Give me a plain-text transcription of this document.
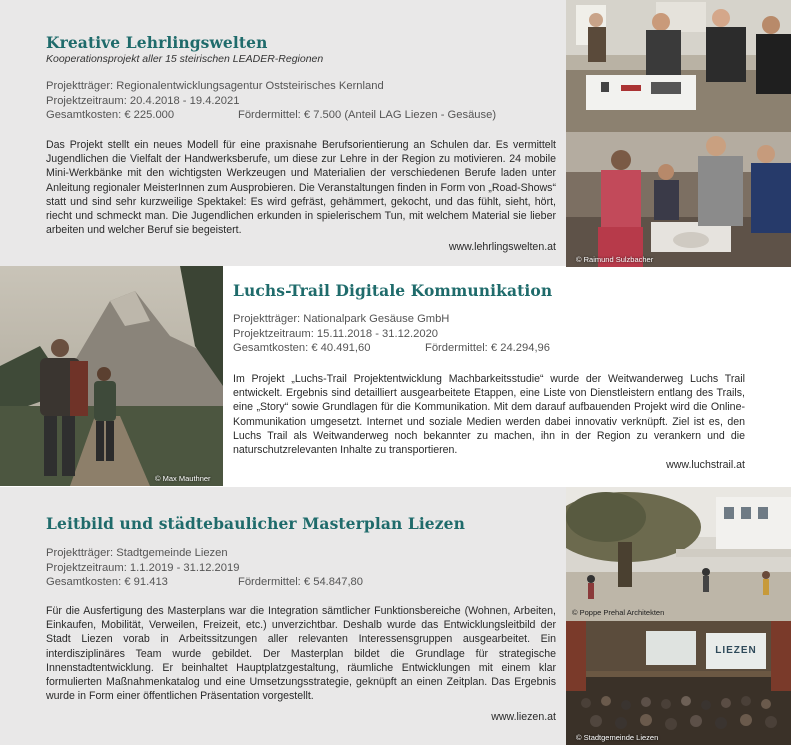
Kreative Lehrlingswelten
Kooperationsprojekt aller 15 steirischen LEADER-Regionen
Projektträger: Regionalentwicklungsagentur Oststeirisches Kernland
Projektzeitraum: 20.4.2018 - 19.4.2021
Gesamtkosten: € 225.000	Fördermittel: € 7.500 (Anteil LAG Liezen - Gesäuse)
Das Projekt stellt ein neues Modell für eine praxisnahe Berufsorientierung an Schulen dar. Es vermittelt Jugendlichen die Vielfalt der Handwerksberufe, um diese zur Lehre in der Region zu motivieren. 24 mobile Mini-Werkbänke mit den wichtigsten Werkzeugen und Materialien der verschiedenen Berufe laden unter Anleitung regionaler MeisterInnen zum Ausprobieren. Die Veranstaltungen finden in Form von „Road-Shows“ statt und sind sehr kurzweilige Spektakel: Es wird gefräst, gehämmert, gekocht, und das fühlt, sieht, hört, riecht und schmeckt man. Die Jugendlichen erkunden in spielerischem Tun, mit welchem Material sie lieber arbeiten und welcher Beruf sie begeistert.
www.lehrlingswelten.at
© Raimund Sulzbacher
© Max Mauthner
Luchs-Trail Digitale Kommunikation
Projektträger: Nationalpark Gesäuse GmbH
Projektzeitraum: 15.11.2018 - 31.12.2020
Gesamtkosten: € 40.491,60	Fördermittel: € 24.294,96
Im Projekt „Luchs-Trail Projektentwicklung Machbarkeitsstudie“ wurde der Weitwanderweg Luchs Trail entwickelt. Ergebnis sind detailliert ausgearbeitete Etappen, eine Liste von Dienstleistern entlang des Trails, eine „Story“ sowie Grundlagen für die Kommunikation. Mit dem darauf aufbauenden Projekt wird die Online-Kommunikation umgesetzt. Internet und soziale Medien werden dabei innovativ verknüpft. Ziel ist es, den Luchs Trail als Weitwanderweg noch bekannter zu machen, ihn in der Region zu verankern und die naturschutzrelevanten Inhalte zu transportieren.
www.luchstrail.at
Leitbild und städtebaulicher Masterplan Liezen
Projektträger: Stadtgemeinde Liezen
Projektzeitraum: 1.1.2019 - 31.12.2019
Gesamtkosten: € 91.413	Fördermittel: € 54.847,80
Für die Ausfertigung des Masterplans war die Integration sämtlicher Funktionsbereiche (Wohnen, Arbeiten, Einkaufen, Mobilität, Verweilen, Freizeit, etc.) unverzichtbar. Deshalb wurde das Entwicklungsleitbild der Stadt Liezen vorab in Arbeitssitzungen aller relevanten Interessensgruppen ausgearbeitet. Ein interdisziplinäres Team wurde gebildet. Der Masterplan bildet die Grundlage für strategische Innenstadtentwicklung. Er beinhaltet Hauptplatzgestaltung, räumliche Entwicklungen mit einem klar formulierten Maßnahmenkatalog und eine Umsetzungsstrategie, geknüpft an einen Zeitplan. Das Ergebnis wurde in Form einer öffentlichen Präsentation vorgestellt.
www.liezen.at
© Poppe Prehal Architekten
LIEZEN
© Stadtgemeinde Liezen
